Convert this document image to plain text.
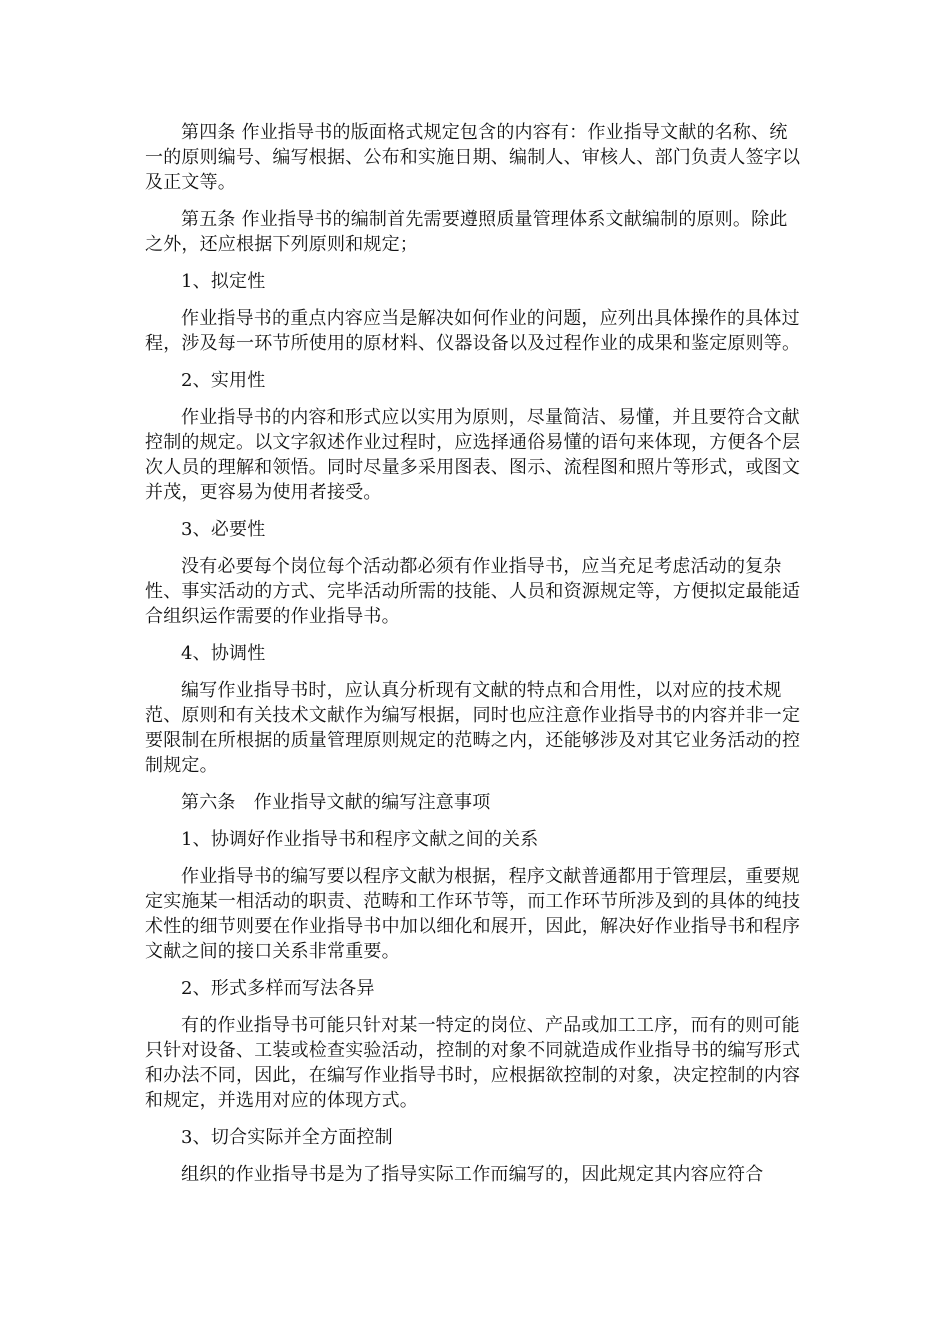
第四条 作业指导书的版面格式规定包含的内容有：作业指导文献的名称、统一的原则编号、编写根据、公布和实施日期、编制人、审核人、部门负责人签字以及正文等。

第五条 作业指导书的编制首先需要遵照质量管理体系文献编制的原则。除此之外，还应根据下列原则和规定；

1、拟定性

作业指导书的重点内容应当是解决如何作业的问题，应列出具体操作的具体过程，涉及每一环节所使用的原材料、仪器设备以及过程作业的成果和鉴定原则等。

2、实用性

作业指导书的内容和形式应以实用为原则，尽量简洁、易懂，并且要符合文献控制的规定。以文字叙述作业过程时，应选择通俗易懂的语句来体现，方便各个层次人员的理解和领悟。同时尽量多采用图表、图示、流程图和照片等形式，或图文并茂，更容易为使用者接受。

3、必要性

没有必要每个岗位每个活动都必须有作业指导书，应当充足考虑活动的复杂性、事实活动的方式、完毕活动所需的技能、人员和资源规定等，方便拟定最能适合组织运作需要的作业指导书。

4、协调性

编写作业指导书时，应认真分析现有文献的特点和合用性，以对应的技术规范、原则和有关技术文献作为编写根据，同时也应注意作业指导书的内容并非一定要限制在所根据的质量管理原则规定的范畴之内，还能够涉及对其它业务活动的控制规定。

第六条　作业指导文献的编写注意事项

1、协调好作业指导书和程序文献之间的关系

作业指导书的编写要以程序文献为根据，程序文献普通都用于管理层，重要规定实施某一相活动的职责、范畴和工作环节等，而工作环节所涉及到的具体的纯技术性的细节则要在作业指导书中加以细化和展开，因此，解决好作业指导书和程序文献之间的接口关系非常重要。

2、形式多样而写法各异

有的作业指导书可能只针对某一特定的岗位、产品或加工工序，而有的则可能只针对设备、工装或检查实验活动，控制的对象不同就造成作业指导书的编写形式和办法不同，因此，在编写作业指导书时，应根据欲控制的对象，决定控制的内容和规定，并选用对应的体现方式。

3、切合实际并全方面控制

组织的作业指导书是为了指导实际工作而编写的，因此规定其内容应符合
